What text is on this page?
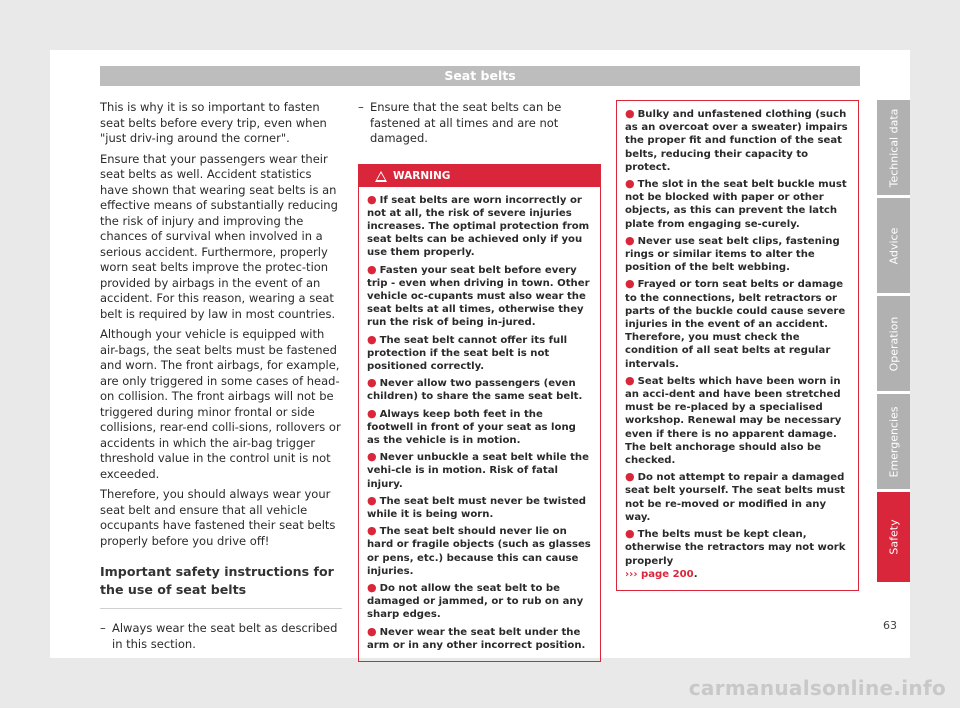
Seat belts

This is why it is so important to fasten seat belts before every trip, even when "just driv-ing around the corner".

Ensure that your passengers wear their seat belts as well. Accident statistics have shown that wearing seat belts is an effective means of substantially reducing the risk of injury and improving the chances of survival when involved in a serious accident. Furthermore, properly worn seat belts improve the protec-tion provided by airbags in the event of an accident. For this reason, wearing a seat belt is required by law in most countries.

Although your vehicle is equipped with air-bags, the seat belts must be fastened and worn. The front airbags, for example, are only triggered in some cases of head-on collision. The front airbags will not be triggered during minor frontal or side collisions, rear-end colli-sions, rollovers or accidents in which the air-bag trigger threshold value in the control unit is not exceeded.

Therefore, you should always wear your seat belt and ensure that all vehicle occupants have fastened their seat belts properly before you drive off!

Important safety instructions for the use of seat belts
– Always wear the seat belt as described in this section.
– Ensure that the seat belts can be fastened at all times and are not damaged.
WARNING
● If seat belts are worn incorrectly or not at all, the risk of severe injuries increases. The optimal protection from seat belts can be achieved only if you use them properly.
● Fasten your seat belt before every trip - even when driving in town. Other vehicle oc-cupants must also wear the seat belts at all times, otherwise they run the risk of being in-jured.
● The seat belt cannot offer its full protection if the seat belt is not positioned correctly.
● Never allow two passengers (even children) to share the same seat belt.
● Always keep both feet in the footwell in front of your seat as long as the vehicle is in motion.
● Never unbuckle a seat belt while the vehi-cle is in motion. Risk of fatal injury.
● The seat belt must never be twisted while it is being worn.
● The seat belt should never lie on hard or fragile objects (such as glasses or pens, etc.) because this can cause injuries.
● Do not allow the seat belt to be damaged or jammed, or to rub on any sharp edges.
● Never wear the seat belt under the arm or in any other incorrect position.
● Bulky and unfastened clothing (such as an overcoat over a sweater) impairs the proper fit and function of the seat belts, reducing their capacity to protect.
● The slot in the seat belt buckle must not be blocked with paper or other objects, as this can prevent the latch plate from engaging se-curely.
● Never use seat belt clips, fastening rings or similar items to alter the position of the belt webbing.
● Frayed or torn seat belts or damage to the connections, belt retractors or parts of the buckle could cause severe injuries in the event of an accident. Therefore, you must check the condition of all seat belts at regular intervals.
● Seat belts which have been worn in an acci-dent and have been stretched must be re-placed by a specialised workshop. Renewal may be necessary even if there is no apparent damage. The belt anchorage should also be checked.
● Do not attempt to repair a damaged seat belt yourself. The seat belts must not be re-moved or modified in any way.
● The belts must be kept clean, otherwise the retractors may not work properly
››› page 200.
Technical data
Advice
Operation
Emergencies
Safety
63
carmanualsonline.info
